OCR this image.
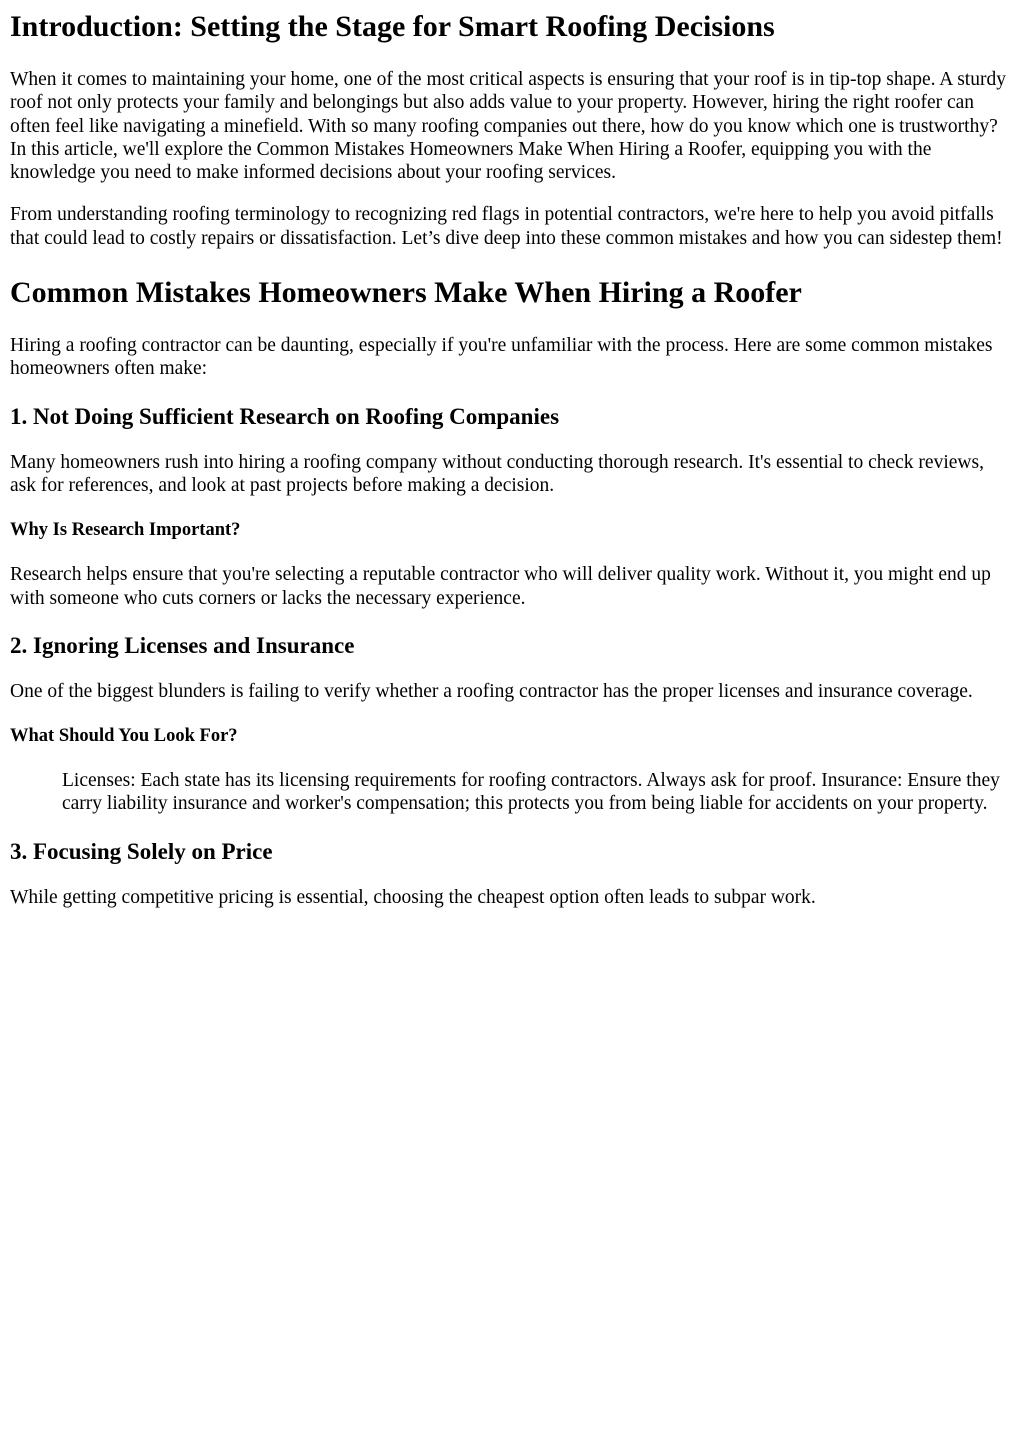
Introduction: Setting the Stage for Smart Roofing Decisions

When it comes to maintaining your home, one of the most critical aspects is ensuring that your roof is in tip-top shape. A sturdy roof not only protects your family and belongings but also adds value to your property. However, hiring the right roofer can often feel like navigating a minefield. With so many roofing companies out there, how do you know which one is trustworthy? In this article, we'll explore the Common Mistakes Homeowners Make When Hiring a Roofer, equipping you with the knowledge you need to make informed decisions about your roofing services.

From understanding roofing terminology to recognizing red flags in potential contractors, we're here to help you avoid pitfalls that could lead to costly repairs or dissatisfaction. Let’s dive deep into these common mistakes and how you can sidestep them!

Common Mistakes Homeowners Make When Hiring a Roofer

Hiring a roofing contractor can be daunting, especially if you're unfamiliar with the process. Here are some common mistakes homeowners often make:

1. Not Doing Sufficient Research on Roofing Companies

Many homeowners rush into hiring a roofing company without conducting thorough research. It's essential to check reviews, ask for references, and look at past projects before making a decision.

Why Is Research Important?

Research helps ensure that you're selecting a reputable contractor who will deliver quality work. Without it, you might end up with someone who cuts corners or lacks the necessary experience.

2. Ignoring Licenses and Insurance

One of the biggest blunders is failing to verify whether a roofing contractor has the proper licenses and insurance coverage.

What Should You Look For?
Licenses: Each state has its licensing requirements for roofing contractors. Always ask for proof. Insurance: Ensure they carry liability insurance and worker's compensation; this protects you from being liable for accidents on your property.
3. Focusing Solely on Price

While getting competitive pricing is essential, choosing the cheapest option often leads to subpar work.
